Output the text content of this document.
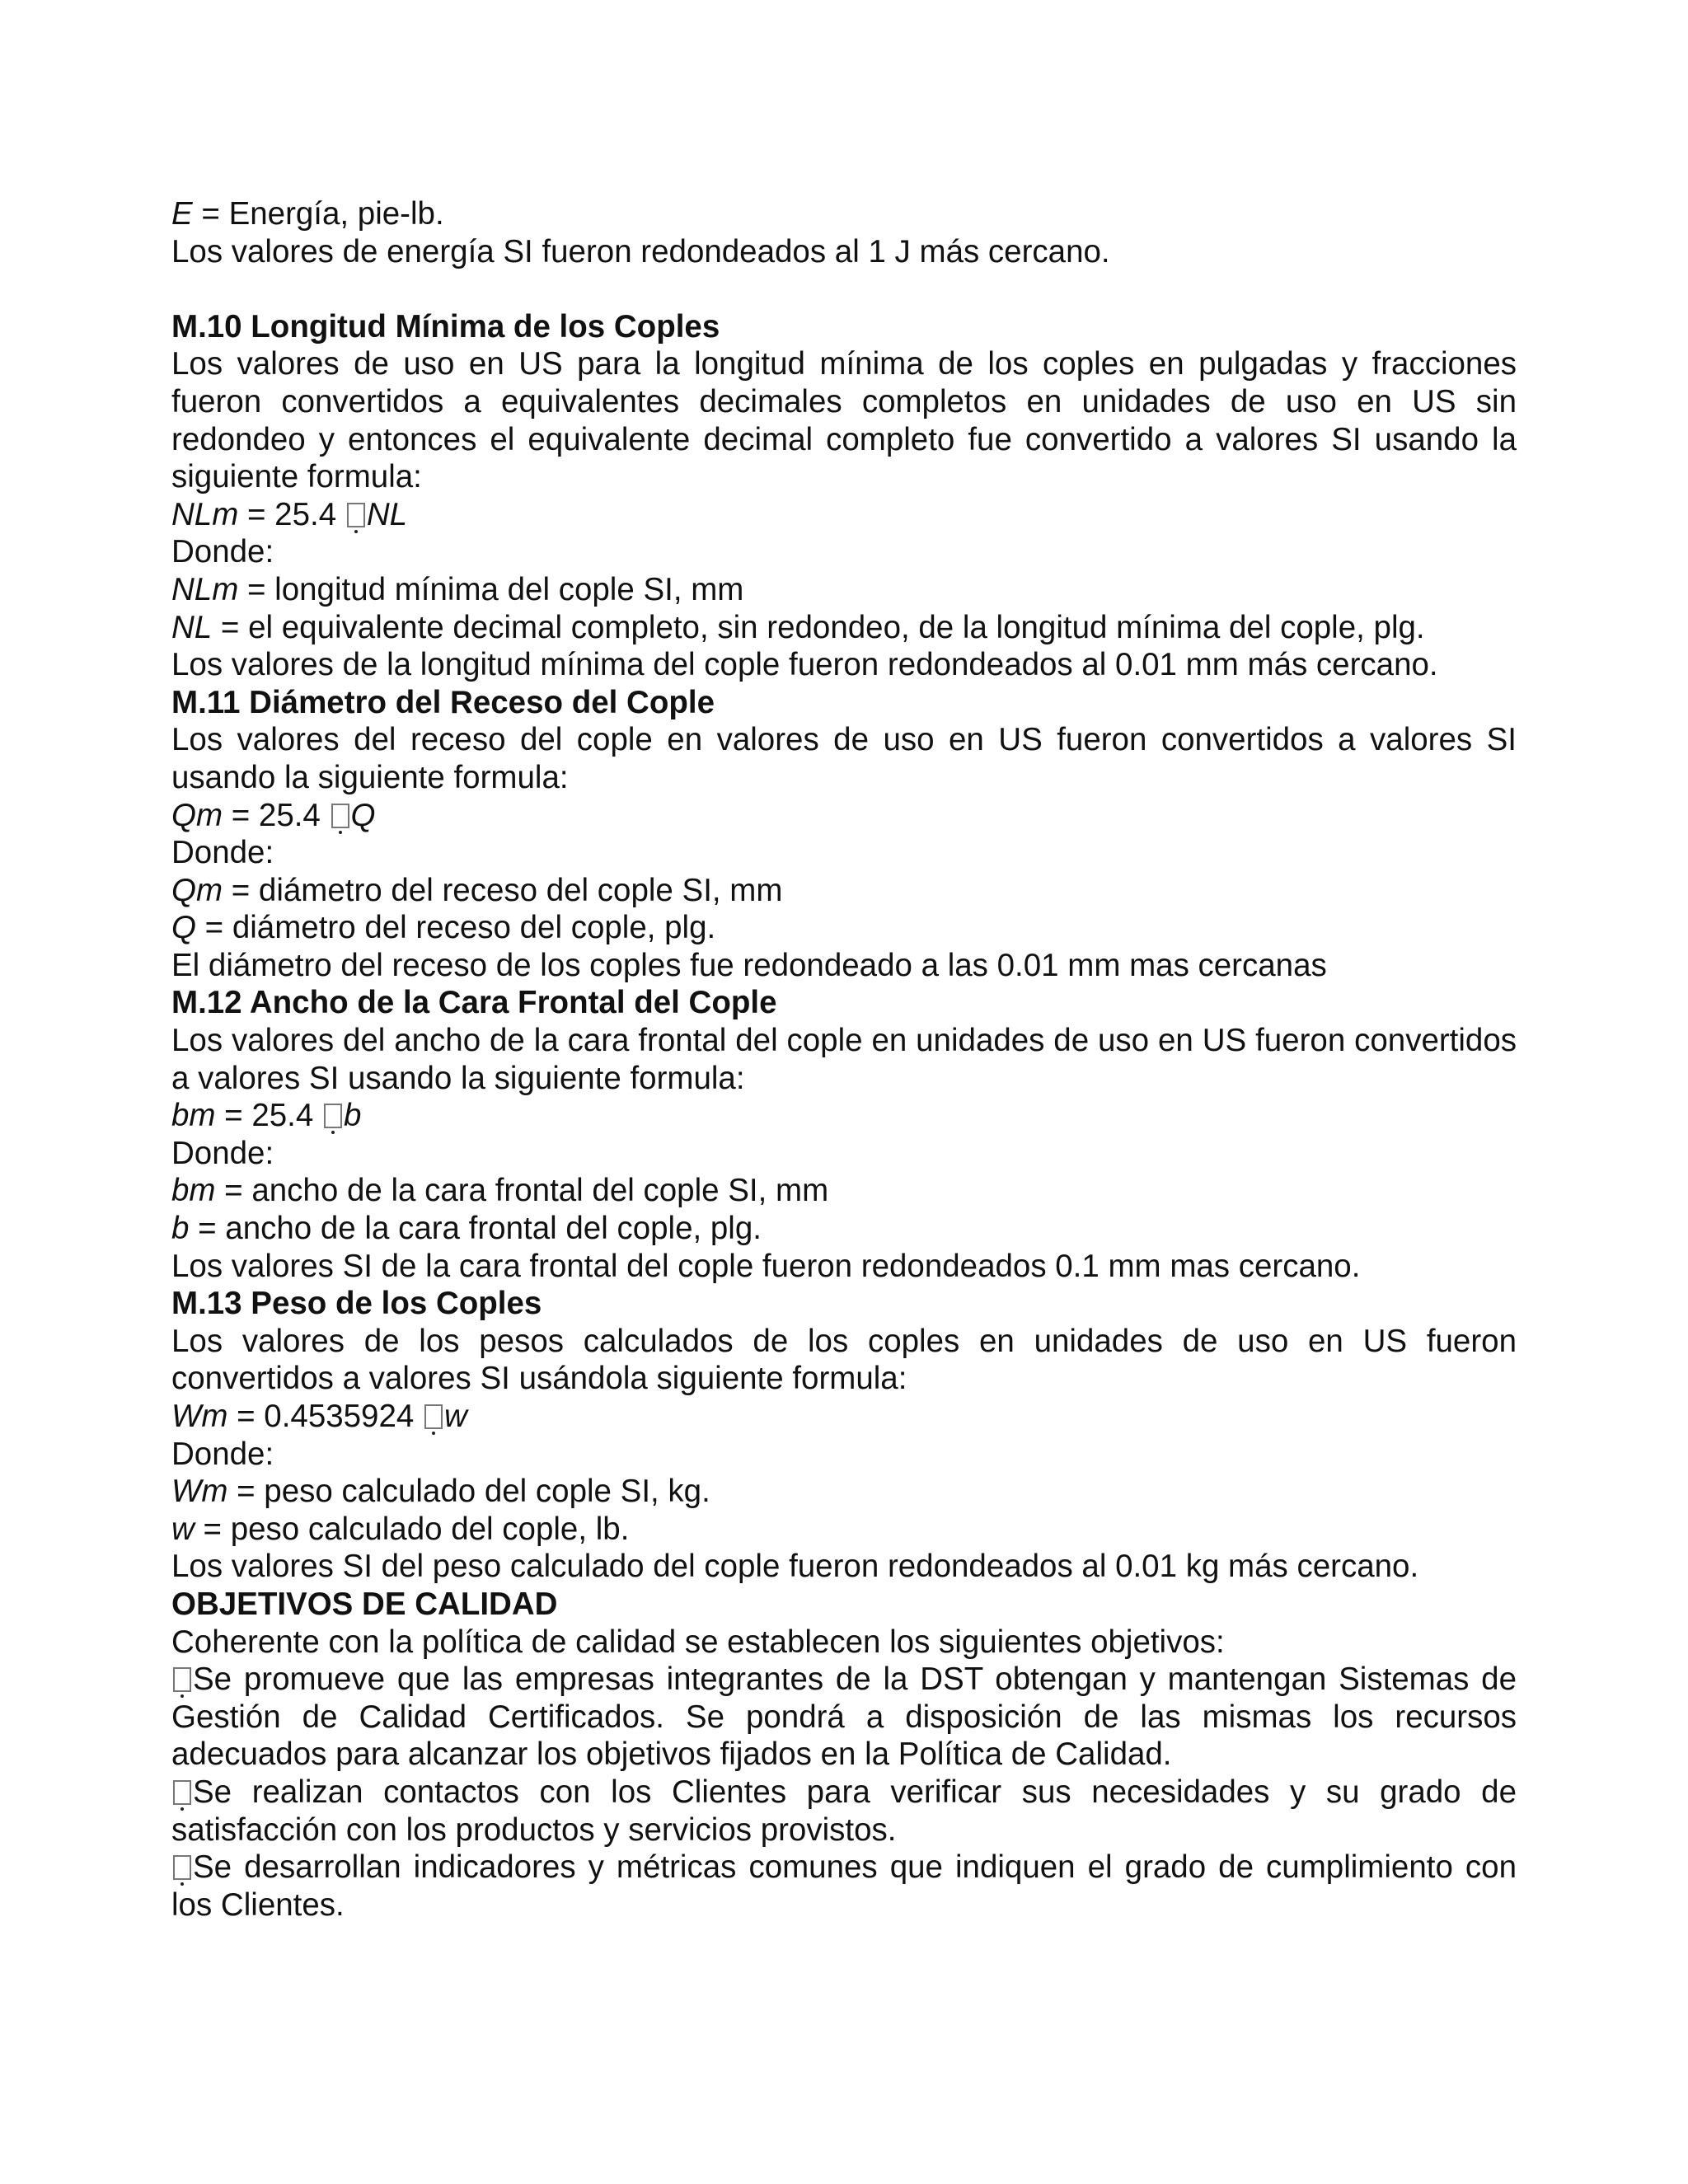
E = Energía, pie-lb.
Los valores de energía SI fueron redondeados al 1 J más cercano.
M.10 Longitud Mínima de los Coples
Los valores de uso en US para la longitud mínima de los coples en pulgadas y fracciones fueron convertidos a equivalentes decimales completos en unidades de uso en US sin redondeo y entonces el equivalente decimal completo fue convertido a valores SI usando la siguiente formula:
NLm = 25.4 NL
Donde:
NLm = longitud mínima del cople SI, mm
NL = el equivalente decimal completo, sin redondeo, de la longitud mínima del cople, plg.
Los valores de la longitud mínima del cople fueron redondeados al 0.01 mm más cercano.
M.11 Diámetro del Receso del Cople
Los valores del receso del cople en valores de uso en US fueron convertidos a valores SI usando la siguiente formula:
Qm = 25.4 Q
Donde:
Qm = diámetro del receso del cople SI, mm
Q = diámetro del receso del cople, plg.
El diámetro del receso de los coples fue redondeado a las 0.01 mm mas cercanas
M.12 Ancho de la Cara Frontal del Cople
Los valores del ancho de la cara frontal del cople en unidades de uso en US fueron convertidos a valores SI usando la siguiente formula:
bm = 25.4 b
Donde:
bm = ancho de la cara frontal del cople SI, mm
b = ancho de la cara frontal del cople, plg.
Los valores SI de la cara frontal del cople fueron redondeados 0.1 mm mas cercano.
M.13 Peso de los Coples
Los valores de los pesos calculados de los coples en unidades de uso en US fueron convertidos a valores SI usándola siguiente formula:
Wm = 0.4535924 w
Donde:
Wm = peso calculado del cople SI, kg.
w = peso calculado del cople, lb.
Los valores SI del peso calculado del cople fueron redondeados al 0.01 kg más cercano.
OBJETIVOS DE CALIDAD
Coherente con la política de calidad se establecen los siguientes objetivos:
Se promueve que las empresas integrantes de la DST obtengan y mantengan Sistemas de Gestión de Calidad Certificados. Se pondrá a disposición de las mismas los recursos adecuados para alcanzar los objetivos fijados en la Política de Calidad.
Se realizan contactos con los Clientes para verificar sus necesidades y su grado de satisfacción con los productos y servicios provistos.
Se desarrollan indicadores y métricas comunes que indiquen el grado de cumplimiento con los Clientes.
